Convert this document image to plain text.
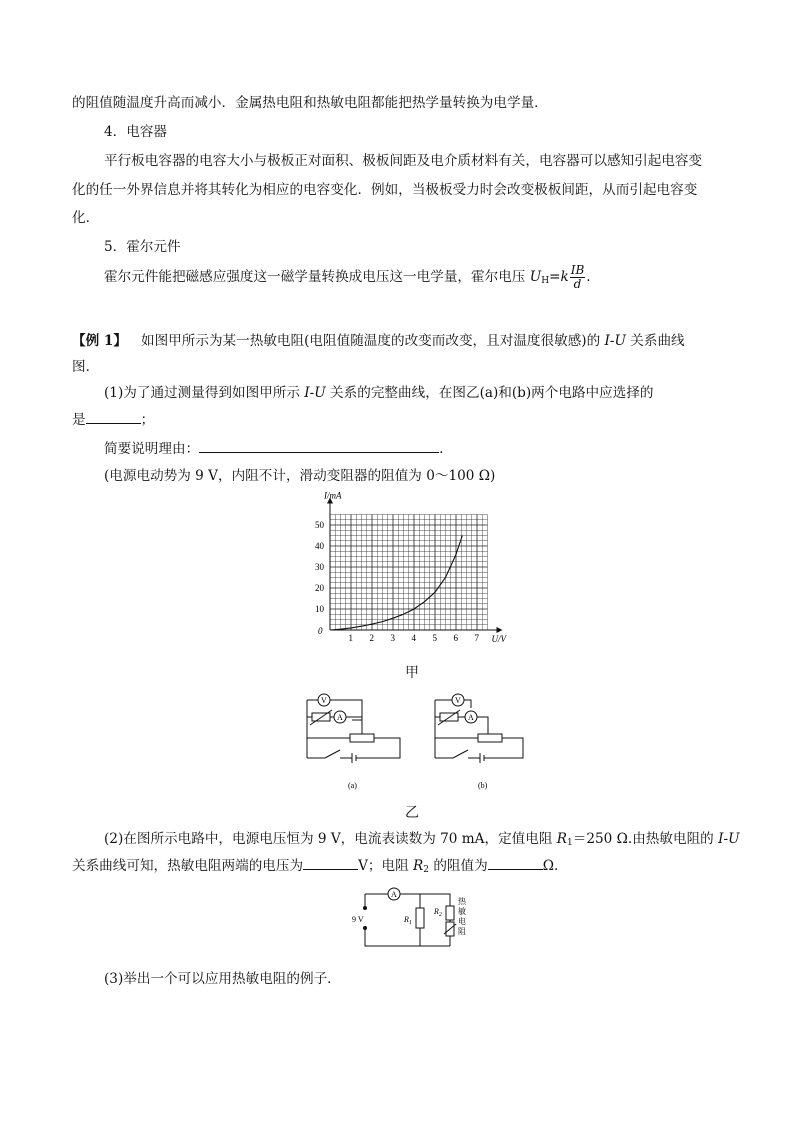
的阻值随温度升高而减小．金属热电阻和热敏电阻都能把热学量转换为电学量．
4．电容器
平行板电容器的电容大小与极板正对面积、极板间距及电介质材料有关，电容器可以感知引起电容变
化的任一外界信息并将其转化为相应的电容变化．例如，当极板受力时会改变极板间距，从而引起电容变
化．
5．霍尔元件
霍尔元件能把磁感应强度这一磁学量转换成电压这一电学量，霍尔电压 $U_H=k \frac{IB}{d}$ .
【例 1】 如图甲所示为某一热敏电阻(电阻值随温度的改变而改变，且对温度很敏感)的 I-U 关系曲线
图．
(1)为了通过测量得到如图甲所示 I-U 关系的完整曲线，在图乙(a)和(b)两个电路中应选择的
是	；
简要说明理由：	.
(电源电动势为 9 V，内阻不计，滑动变阻器的阻值为 0～100 Ω)
1 2 3 4 5 6 7
10
20
30
40
50
I/mA
U/V
0
甲
V
A
V
A
(a)	(b)
乙
(2)在图所示电路中，电源电压恒为 9 V，电流表读数为 70 mA，定值电阻 $R_1=250$ Ω.由热敏电阻的 I-U
关系曲线可知，热敏电阻两端的电压为	V；电阻 $R_2$ 的阻值为	Ω.
A
9 V	$R_1$
$R_2$
热
敏
电
阻
(3)举出一个可以应用热敏电阻的例子．
